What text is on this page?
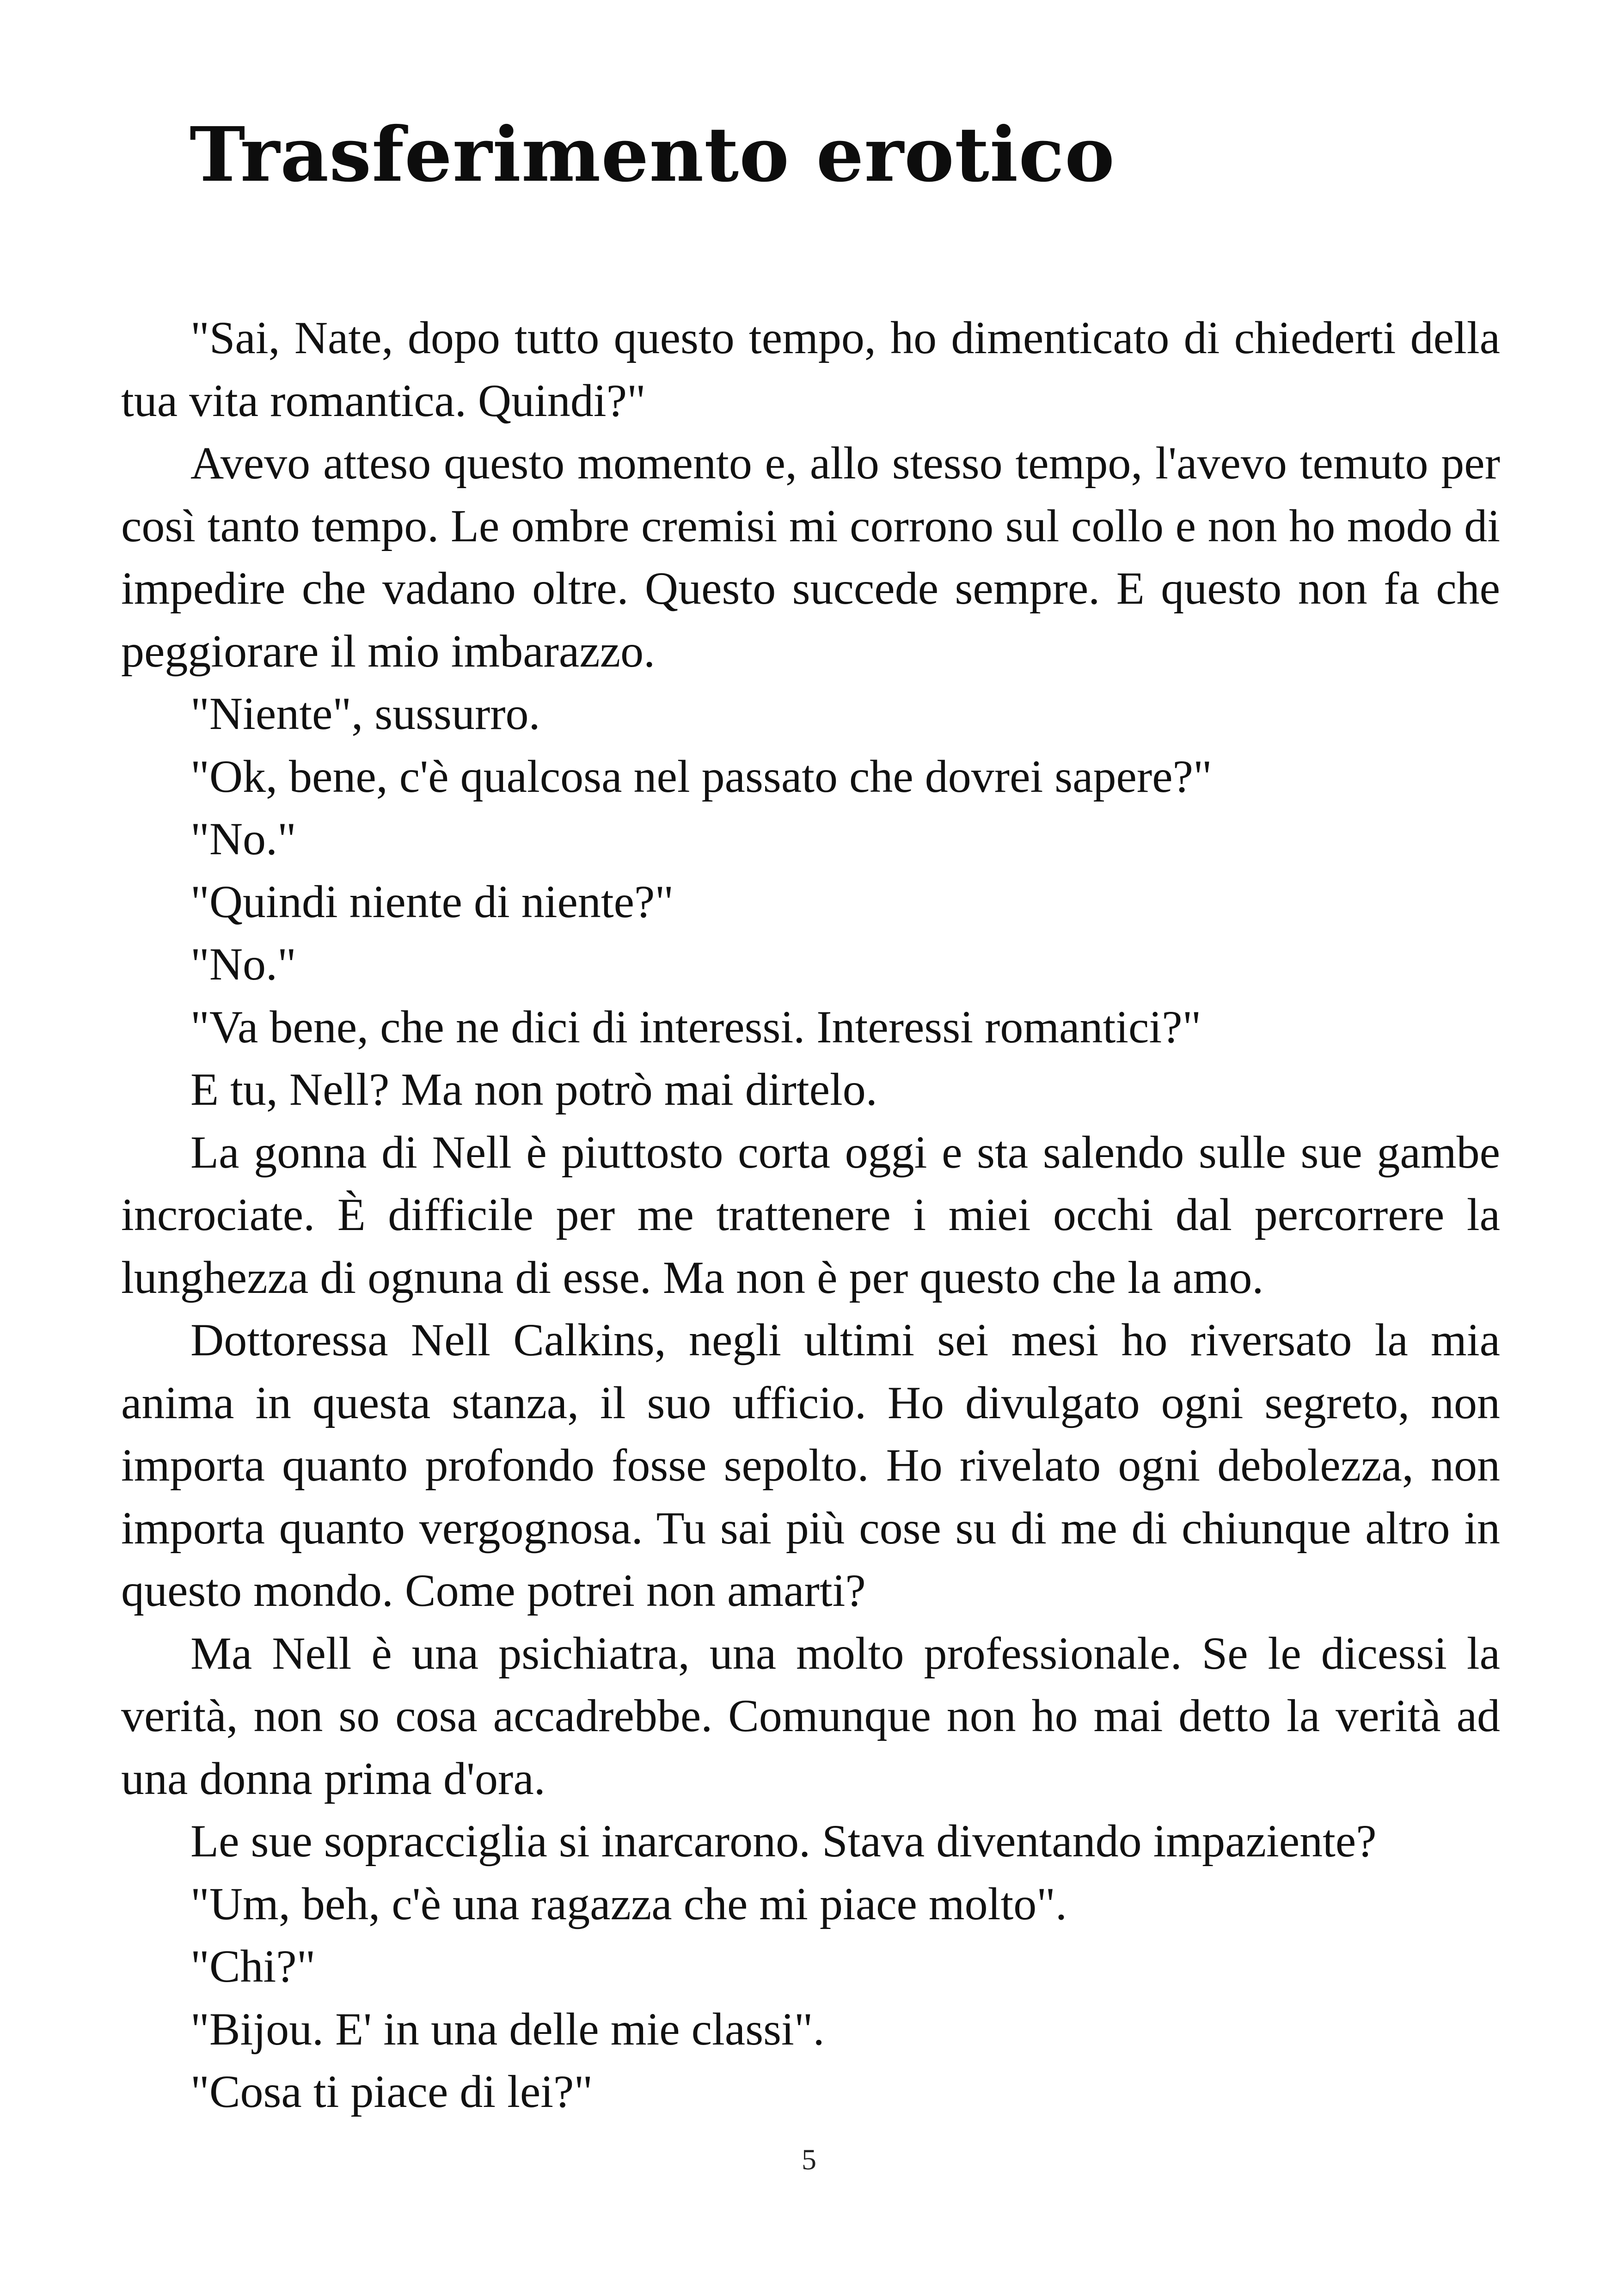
Trasferimento erotico

"Sai, Nate, dopo tutto questo tempo, ho dimenticato di chiederti della tua vita romantica. Quindi?"

Avevo atteso questo momento e, allo stesso tempo, l'avevo temuto per così tanto tempo. Le ombre cremisi mi corrono sul collo e non ho modo di impedire che vadano oltre. Questo succede sempre. E questo non fa che peggiorare il mio imbarazzo.

"Niente", sussurro.

"Ok, bene, c'è qualcosa nel passato che dovrei sapere?"

"No."

"Quindi niente di niente?"

"No."

"Va bene, che ne dici di interessi. Interessi romantici?"

E tu, Nell? Ma non potrò mai dirtelo.

La gonna di Nell è piuttosto corta oggi e sta salendo sulle sue gambe incrociate. È difficile per me trattenere i miei occhi dal percorrere la lunghezza di ognuna di esse. Ma non è per questo che la amo.

Dottoressa Nell Calkins, negli ultimi sei mesi ho riversato la mia anima in questa stanza, il suo ufficio. Ho divulgato ogni segreto, non importa quanto profondo fosse sepolto. Ho rivelato ogni debolezza, non importa quanto vergognosa. Tu sai più cose su di me di chiunque altro in questo mondo. Come potrei non amarti?

Ma Nell è una psichiatra, una molto professionale. Se le dicessi la verità, non so cosa accadrebbe. Comunque non ho mai detto la verità ad una donna prima d'ora.

Le sue sopracciglia si inarcarono. Stava diventando impaziente?

"Um, beh, c'è una ragazza che mi piace molto".

"Chi?"

"Bijou. E' in una delle mie classi".

"Cosa ti piace di lei?"

5
